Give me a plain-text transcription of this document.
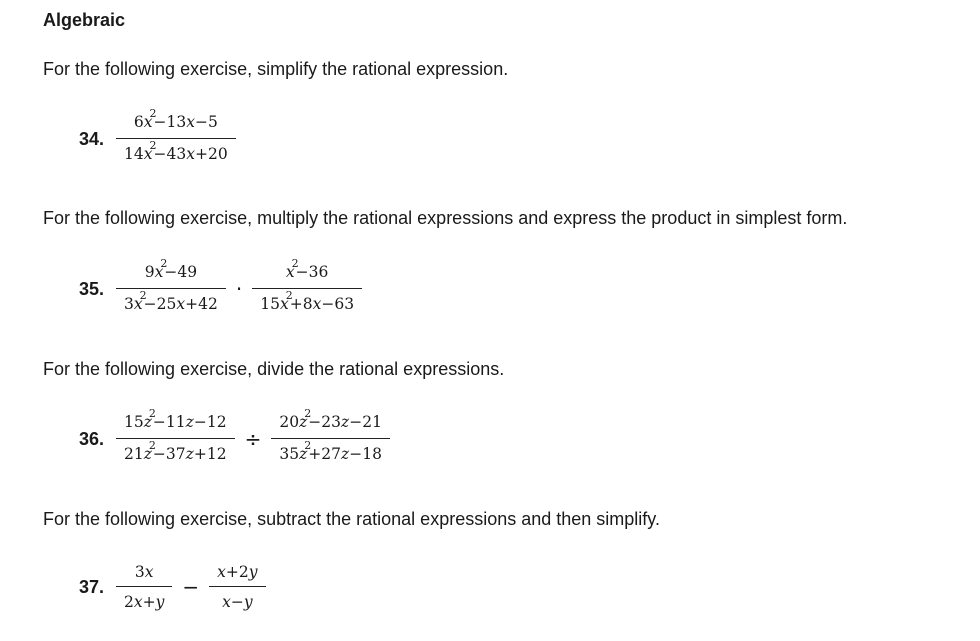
Algebraic
For the following exercise, simplify the rational expression.
34. $\frac{6x^2-13x-5}{14x^2-43x+20}$
For the following exercise, multiply the rational expressions and express the product in simplest form.
35. $\frac{9x^2-49}{3x^2-25x+42} \cdot \frac{x^2-36}{15x^2+8x-63}$
For the following exercise, divide the rational expressions.
36. $\frac{15z^2-11z-12}{21z^2-37z+12} \div \frac{20z^2-23z-21}{35z^2+27z-18}$
For the following exercise, subtract the rational expressions and then simplify.
37. $\frac{3x}{2x+y} - \frac{x+2y}{x-y}$
